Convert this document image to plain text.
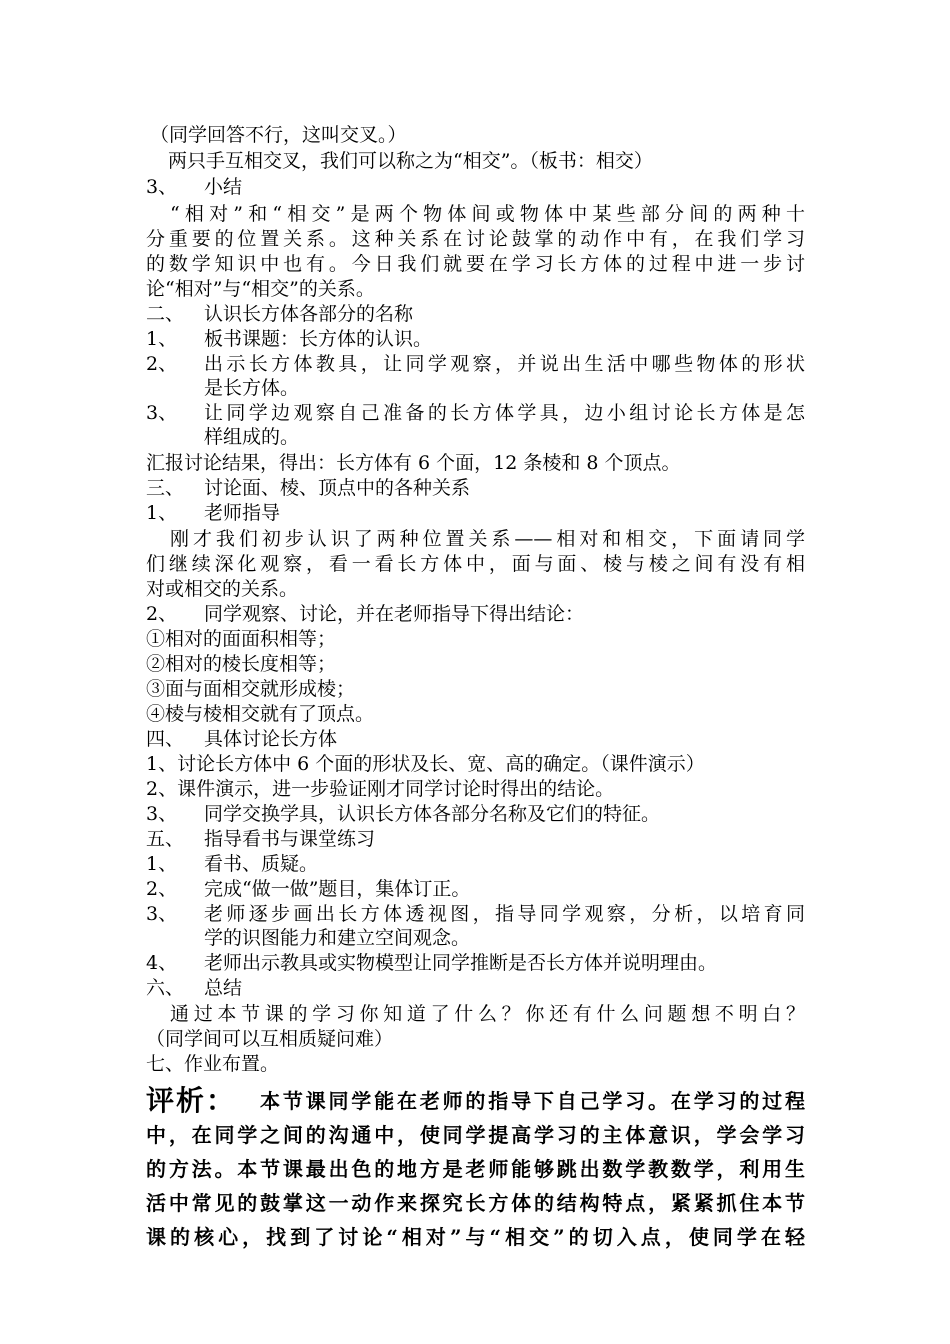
（同学回答不行，这叫交叉。）
两只手互相交叉，我们可以称之为“相交”。（板书：相交）
3、 小结
“相对”和“相交”是两个物体间或物体中某些部分间的两种十
分重要的位置关系。这种关系在讨论鼓掌的动作中有，在我们学习
的数学知识中也有。今日我们就要在学习长方体的过程中进一步讨
论“相对”与“相交”的关系。
二、 认识长方体各部分的名称
1、 板书课题：长方体的认识。
2、 出示长方体教具，让同学观察，并说出生活中哪些物体的形状
是长方体。
3、 让同学边观察自己准备的长方体学具，边小组讨论长方体是怎
样组成的。
汇报讨论结果，得出：长方体有 6 个面，12 条棱和 8 个顶点。
三、 讨论面、棱、顶点中的各种关系
1、 老师指导
刚才我们初步认识了两种位置关系——相对和相交，下面请同学
们继续深化观察，看一看长方体中，面与面、棱与棱之间有没有相
对或相交的关系。
2、 同学观察、讨论，并在老师指导下得出结论：
①相对的面面积相等；
②相对的棱长度相等；
③面与面相交就形成棱；
④棱与棱相交就有了顶点。
四、 具体讨论长方体
1、讨论长方体中 6 个面的形状及长、宽、高的确定。（课件演示）
2、课件演示，进一步验证刚才同学讨论时得出的结论。
3、 同学交换学具，认识长方体各部分名称及它们的特征。
五、 指导看书与课堂练习
1、 看书、质疑。
2、 完成“做一做”题目，集体订正。
3、 老师逐步画出长方体透视图，指导同学观察，分析，以培育同
学的识图能力和建立空间观念。
4、 老师出示教具或实物模型让同学推断是否长方体并说明理由。
六、 总结
通过本节课的学习你知道了什么？你还有什么问题想不明白？
（同学间可以互相质疑问难）
七、作业布置。
评析： 本节课同学能在老师的指导下自己学习。在学习的过程
中，在同学之间的沟通中，使同学提高学习的主体意识，学会学习
的方法。本节课最出色的地方是老师能够跳出数学教数学，利用生
活中常见的鼓掌这一动作来探究长方体的结构特点，紧紧抓住本节
课的核心，找到了讨论“相对”与“相交”的切入点，使同学在轻
